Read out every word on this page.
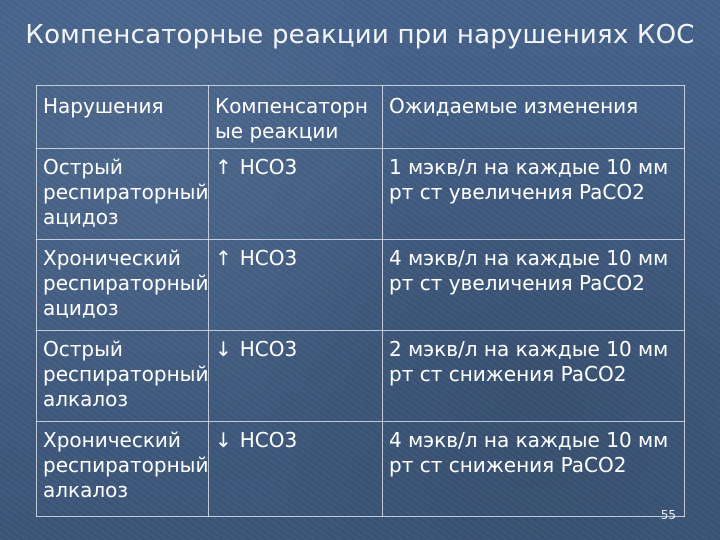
Компенсаторные реакции при нарушениях КОС
Нарушения	Компенсаторн ые реакции	Ожидаемые изменения
Острый респираторный ацидоз	↑ HCO3	1 мэкв/л на каждые 10 мм рт ст увеличения PaCO2
Хронический респираторный ацидоз	↑ HCO3	4 мэкв/л на каждые 10 мм рт ст увеличения PaCO2
Острый респираторный алкалоз	↓ HCO3	2 мэкв/л на каждые 10 мм рт ст снижения PaCO2
Хронический респираторный алкалоз	↓ HCO3	4 мэкв/л на каждые 10 мм рт ст снижения PaCO2
55
